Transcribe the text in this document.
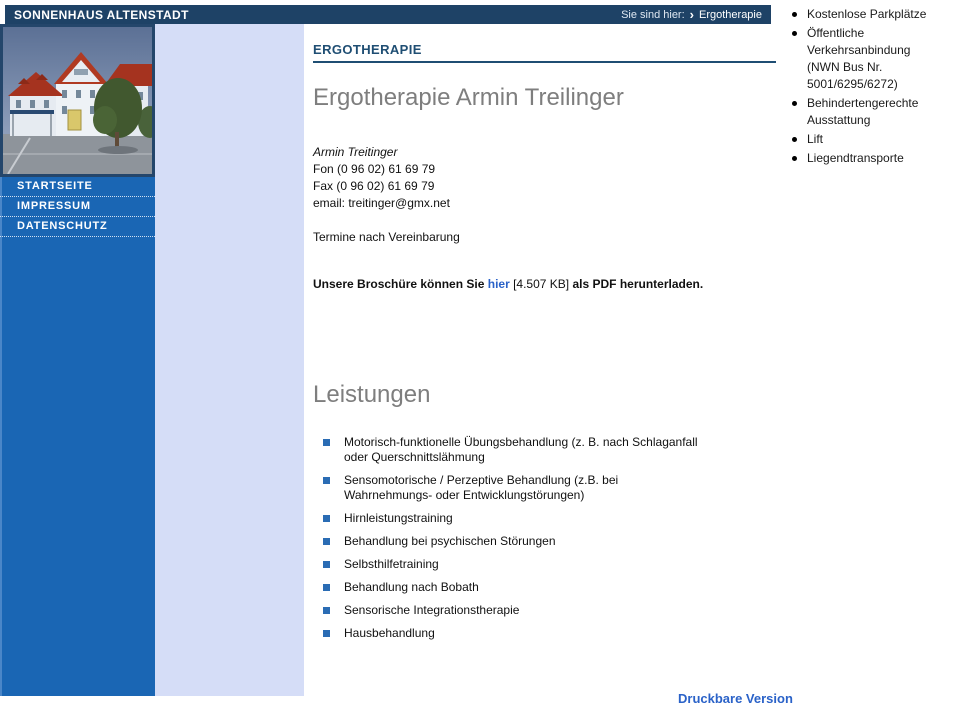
SONNENHAUS ALTENSTADT	Sie sind hier: › Ergotherapie
STARTSEITE
IMPRESSUM
DATENSCHUTZ
ERGOTHERAPIE
Ergotherapie Armin Treilinger
Armin Treitinger
Fon (0 96 02) 61 69 79
Fax (0 96 02) 61 69 79
email: treitinger@gmx.net
Termine nach Vereinbarung
Unsere Broschüre können Sie hier [4.507 KB] als PDF herunterladen.
Leistungen
Motorisch-funktionelle Übungsbehandlung (z. B. nach Schlaganfall oder Querschnittslähmung
Sensomotorische / Perzeptive Behandlung (z.B. bei Wahrnehmungs- oder Entwicklungstörungen)
Hirnleistungstraining
Behandlung bei psychischen Störungen
Selbsthilfetraining
Behandlung nach Bobath
Sensorische Integrationstherapie
Hausbehandlung
Druckbare Version
Kostenlose Parkplätze
Öffentliche Verkehrsanbindung (NWN Bus Nr. 5001/6295/6272)
Behindertengerechte Ausstattung
Lift
Liegendtransporte
